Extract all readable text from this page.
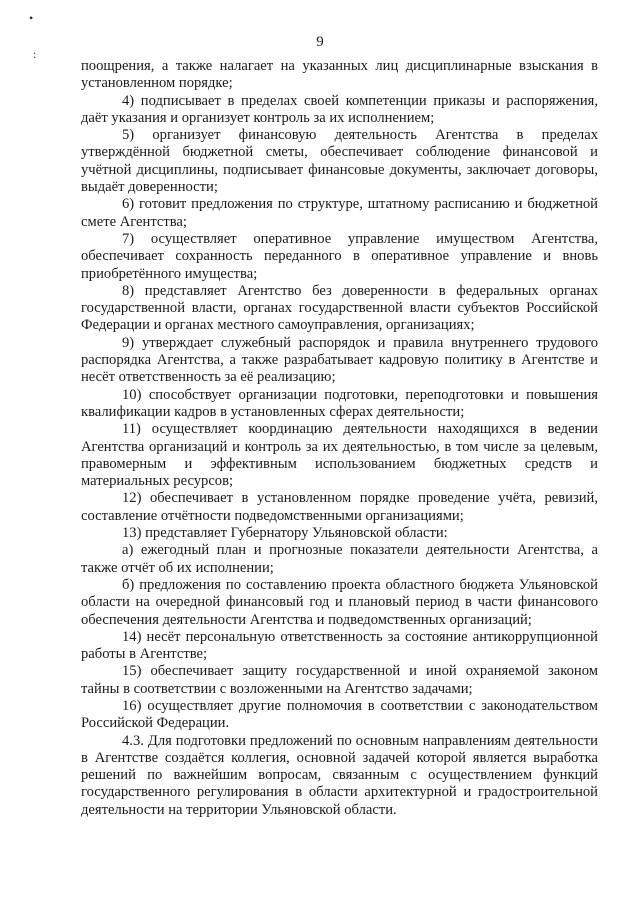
•
:
9

поощрения, а также налагает на указанных лиц дисциплинарные взыскания в установленном порядке;

4) подписывает в пределах своей компетенции приказы и распоряжения, даёт указания и организует контроль за их исполнением;

5) организует финансовую деятельность Агентства в пределах утверждённой бюджетной сметы, обеспечивает соблюдение финансовой и учётной дисциплины, подписывает финансовые документы, заключает договоры, выдаёт доверенности;

6) готовит предложения по структуре, штатному расписанию и бюджетной смете Агентства;

7) осуществляет оперативное управление имуществом Агентства, обеспечивает сохранность переданного в оперативное управление и вновь приобретённого имущества;

8) представляет Агентство без доверенности в федеральных органах государственной власти, органах государственной власти субъектов Российской Федерации и органах местного самоуправления, организациях;

9) утверждает служебный распорядок и правила внутреннего трудового распорядка Агентства, а также разрабатывает кадровую политику в Агентстве и несёт ответственность за её реализацию;

10) способствует организации подготовки, переподготовки и повышения квалификации кадров в установленных сферах деятельности;

11) осуществляет координацию деятельности находящихся в ведении Агентства организаций и контроль за их деятельностью, в том числе за целевым, правомерным и эффективным использованием бюджетных средств и материальных ресурсов;

12) обеспечивает в установленном порядке проведение учёта, ревизий, составление отчётности подведомственными организациями;

13) представляет Губернатору Ульяновской области:

а) ежегодный план и прогнозные показатели деятельности Агентства, а также отчёт об их исполнении;

б) предложения по составлению проекта областного бюджета Ульяновской области на очередной финансовый год и плановый период в части финансового обеспечения деятельности Агентства и подведомственных организаций;

14) несёт персональную ответственность за состояние антикоррупционной работы в Агентстве;

15) обеспечивает защиту государственной и иной охраняемой законом тайны в соответствии с возложенными на Агентство задачами;

16) осуществляет другие полномочия в соответствии с законодательством Российской Федерации.

4.3. Для подготовки предложений по основным направлениям деятельности в Агентстве создаётся коллегия, основной задачей которой является выработка решений по важнейшим вопросам, связанным с осуществлением функций государственного регулирования в области архитектурной и градостроительной деятельности на территории Ульяновской области.
